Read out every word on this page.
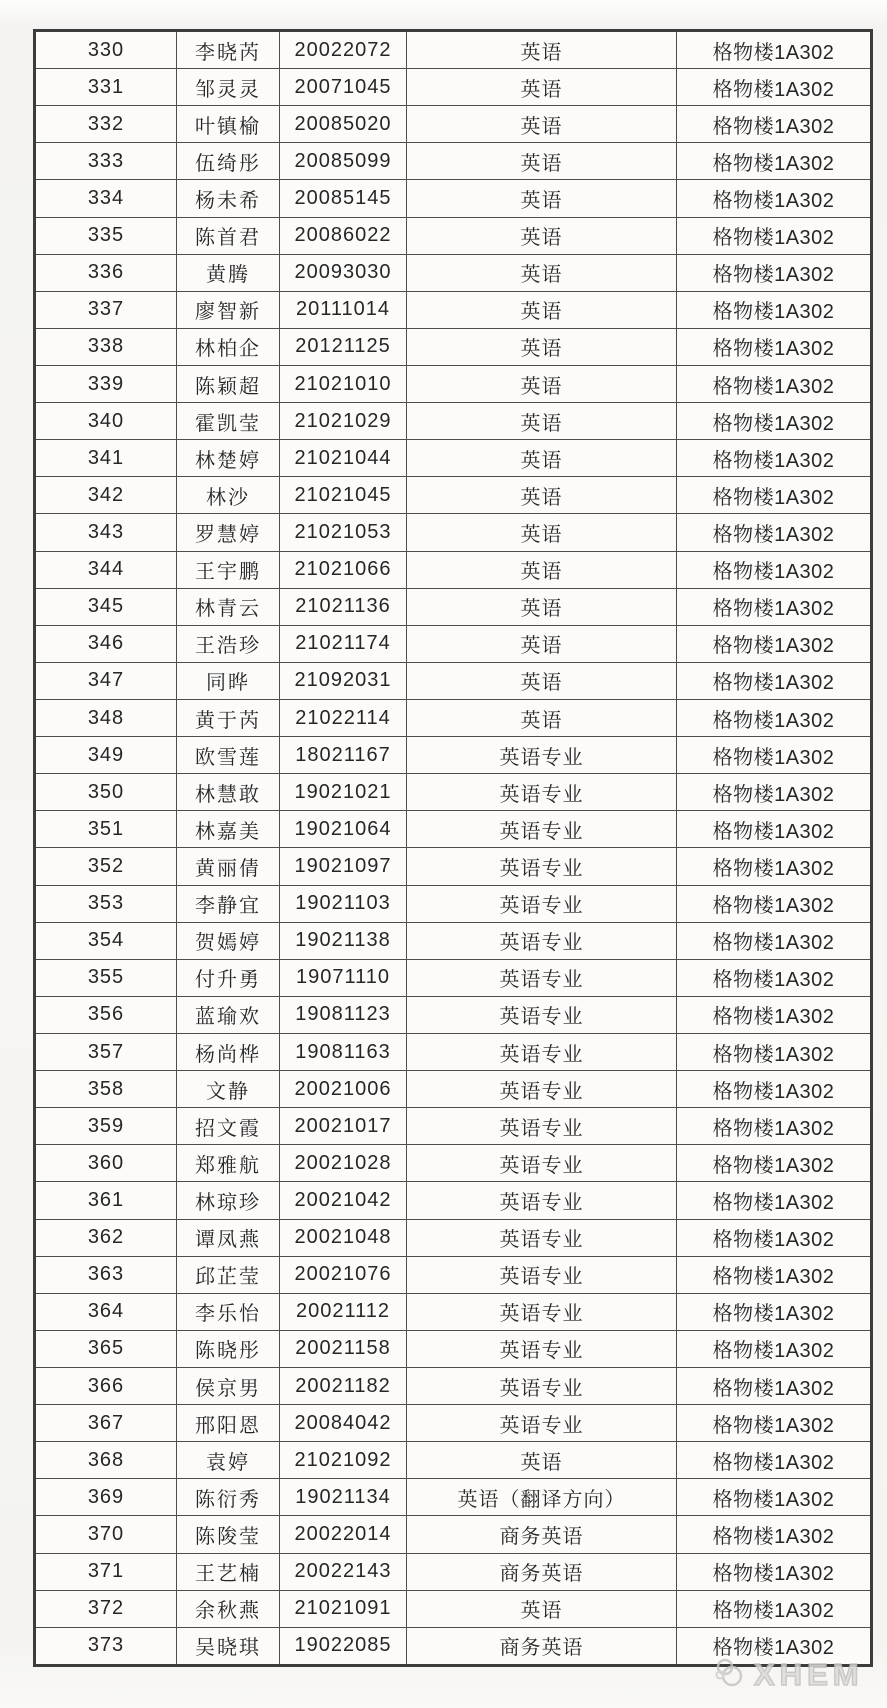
330	李晓芮	20022072	英语	格物楼1A302
331	邹灵灵	20071045	英语	格物楼1A302
332	叶镇榆	20085020	英语	格物楼1A302
333	伍绮彤	20085099	英语	格物楼1A302
334	杨未希	20085145	英语	格物楼1A302
335	陈首君	20086022	英语	格物楼1A302
336	黄腾	20093030	英语	格物楼1A302
337	廖智新	20111014	英语	格物楼1A302
338	林柏企	20121125	英语	格物楼1A302
339	陈颖超	21021010	英语	格物楼1A302
340	霍凯莹	21021029	英语	格物楼1A302
341	林楚婷	21021044	英语	格物楼1A302
342	林沙	21021045	英语	格物楼1A302
343	罗慧婷	21021053	英语	格物楼1A302
344	王宇鹏	21021066	英语	格物楼1A302
345	林青云	21021136	英语	格物楼1A302
346	王浩珍	21021174	英语	格物楼1A302
347	同晔	21092031	英语	格物楼1A302
348	黄于芮	21022114	英语	格物楼1A302
349	欧雪莲	18021167	英语专业	格物楼1A302
350	林慧敢	19021021	英语专业	格物楼1A302
351	林嘉美	19021064	英语专业	格物楼1A302
352	黄丽倩	19021097	英语专业	格物楼1A302
353	李静宜	19021103	英语专业	格物楼1A302
354	贺嫣婷	19021138	英语专业	格物楼1A302
355	付升勇	19071110	英语专业	格物楼1A302
356	蓝瑜欢	19081123	英语专业	格物楼1A302
357	杨尚桦	19081163	英语专业	格物楼1A302
358	文静	20021006	英语专业	格物楼1A302
359	招文霞	20021017	英语专业	格物楼1A302
360	郑雅航	20021028	英语专业	格物楼1A302
361	林琼珍	20021042	英语专业	格物楼1A302
362	谭凤燕	20021048	英语专业	格物楼1A302
363	邱芷莹	20021076	英语专业	格物楼1A302
364	李乐怡	20021112	英语专业	格物楼1A302
365	陈晓彤	20021158	英语专业	格物楼1A302
366	侯京男	20021182	英语专业	格物楼1A302
367	邢阳恩	20084042	英语专业	格物楼1A302
368	袁婷	21021092	英语	格物楼1A302
369	陈衍秀	19021134	英语（翻译方向）	格物楼1A302
370	陈陖莹	20022014	商务英语	格物楼1A302
371	王艺楠	20022143	商务英语	格物楼1A302
372	余秋燕	21021091	英语	格物楼1A302
373	吴晓琪	19022085	商务英语	格物楼1A302
XHEM
